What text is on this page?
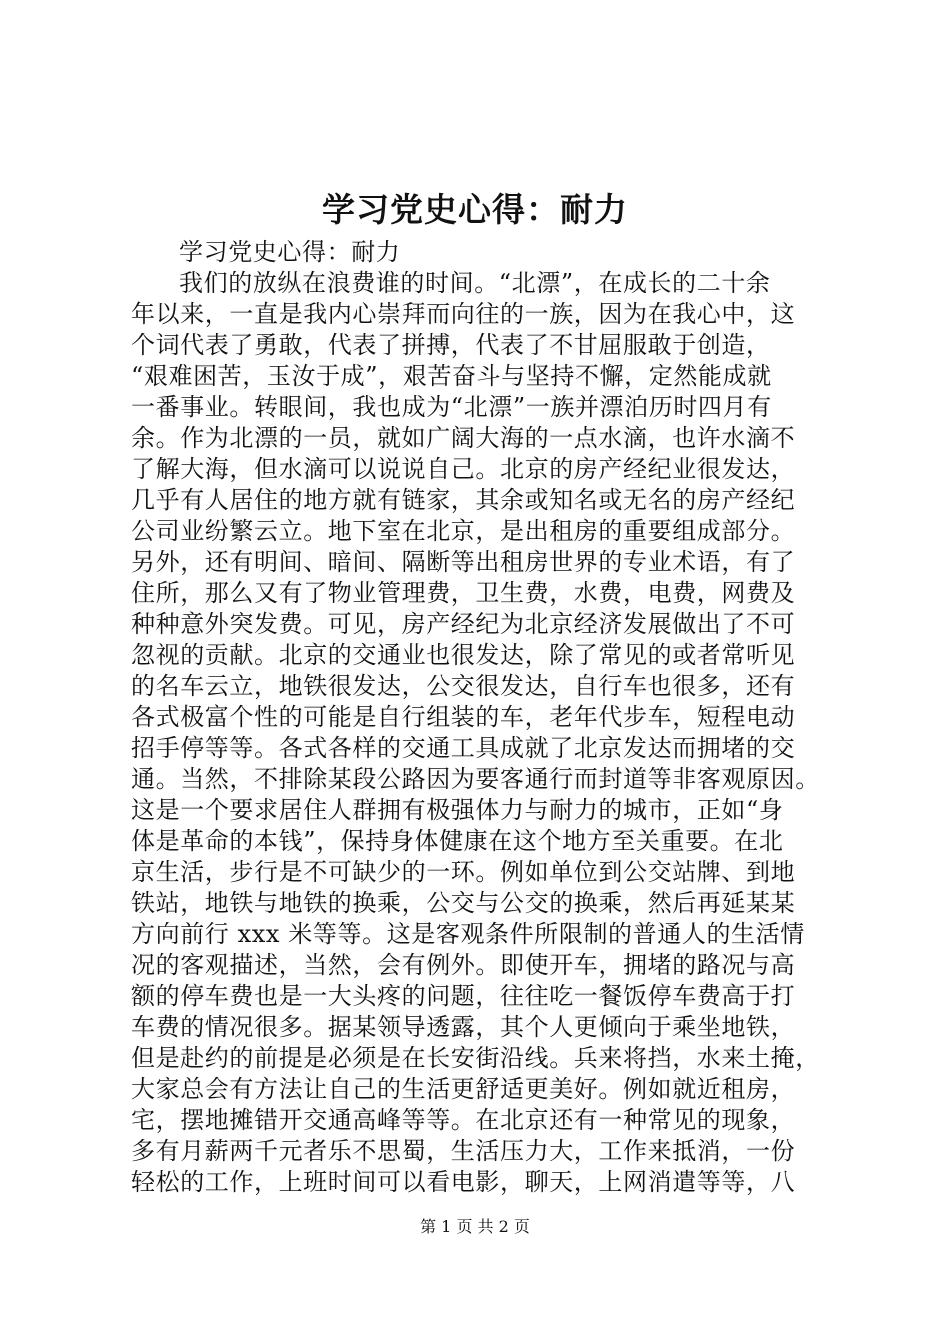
学习党史心得：耐力
学习党史心得：耐力
我们的放纵在浪费谁的时间。“北漂”，在成长的二十余
年以来，一直是我内心崇拜而向往的一族，因为在我心中，这
个词代表了勇敢，代表了拼搏，代表了不甘屈服敢于创造，
“艰难困苦，玉汝于成”，艰苦奋斗与坚持不懈，定然能成就
一番事业。转眼间，我也成为“北漂”一族并漂泊历时四月有
余。作为北漂的一员，就如广阔大海的一点水滴，也许水滴不
了解大海，但水滴可以说说自己。北京的房产经纪业很发达，
几乎有人居住的地方就有链家，其余或知名或无名的房产经纪
公司业纷繁云立。地下室在北京，是出租房的重要组成部分。
另外，还有明间、暗间、隔断等出租房世界的专业术语，有了
住所，那么又有了物业管理费，卫生费，水费，电费，网费及
种种意外突发费。可见，房产经纪为北京经济发展做出了不可
忽视的贡献。北京的交通业也很发达，除了常见的或者常听见
的名车云立，地铁很发达，公交很发达，自行车也很多，还有
各式极富个性的可能是自行组装的车，老年代步车，短程电动
招手停等等。各式各样的交通工具成就了北京发达而拥堵的交
通。当然，不排除某段公路因为要客通行而封道等非客观原因。
这是一个要求居住人群拥有极强体力与耐力的城市，正如“身
体是革命的本钱”，保持身体健康在这个地方至关重要。在北
京生活，步行是不可缺少的一环。例如单位到公交站牌、到地
铁站，地铁与地铁的换乘，公交与公交的换乘，然后再延某某
方向前行 xxx 米等等。这是客观条件所限制的普通人的生活情
况的客观描述，当然，会有例外。即使开车，拥堵的路况与高
额的停车费也是一大头疼的问题，往往吃一餐饭停车费高于打
车费的情况很多。据某领导透露，其个人更倾向于乘坐地铁，
但是赴约的前提是必须是在长安街沿线。兵来将挡，水来土掩，
大家总会有方法让自己的生活更舒适更美好。例如就近租房，
宅，摆地摊错开交通高峰等等。在北京还有一种常见的现象，
多有月薪两千元者乐不思蜀，生活压力大，工作来抵消，一份
轻松的工作，上班时间可以看电影，聊天，上网消遣等等，八
第 1 页 共 2 页
